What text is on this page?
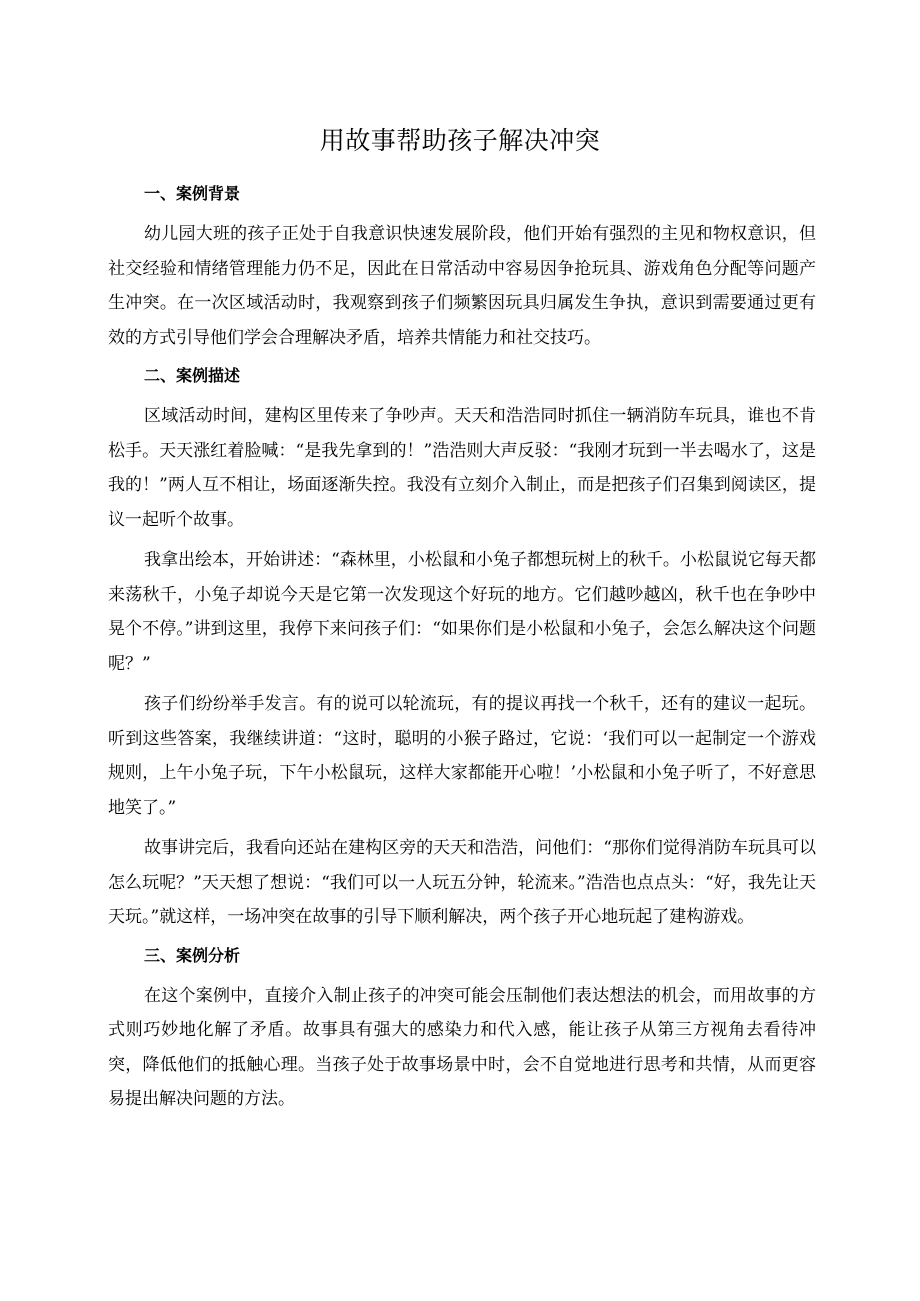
用故事帮助孩子解决冲突
一、案例背景

幼儿园大班的孩子正处于自我意识快速发展阶段，他们开始有强烈的主见和物权意识，但社交经验和情绪管理能力仍不足，因此在日常活动中容易因争抢玩具、游戏角色分配等问题产生冲突。在一次区域活动时，我观察到孩子们频繁因玩具归属发生争执，意识到需要通过更有效的方式引导他们学会合理解决矛盾，培养共情能力和社交技巧。

二、案例描述

区域活动时间，建构区里传来了争吵声。天天和浩浩同时抓住一辆消防车玩具，谁也不肯松手。天天涨红着脸喊：“是我先拿到的！”浩浩则大声反驳：“我刚才玩到一半去喝水了，这是我的！”两人互不相让，场面逐渐失控。我没有立刻介入制止，而是把孩子们召集到阅读区，提议一起听个故事。

我拿出绘本，开始讲述：“森林里，小松鼠和小兔子都想玩树上的秋千。小松鼠说它每天都来荡秋千，小兔子却说今天是它第一次发现这个好玩的地方。它们越吵越凶，秋千也在争吵中晃个不停。”讲到这里，我停下来问孩子们：“如果你们是小松鼠和小兔子，会怎么解决这个问题呢？”

孩子们纷纷举手发言。有的说可以轮流玩，有的提议再找一个秋千，还有的建议一起玩。听到这些答案，我继续讲道：“这时，聪明的小猴子路过，它说：‘我们可以一起制定一个游戏规则，上午小兔子玩，下午小松鼠玩，这样大家都能开心啦！’小松鼠和小兔子听了，不好意思地笑了。”

故事讲完后，我看向还站在建构区旁的天天和浩浩，问他们：“那你们觉得消防车玩具可以怎么玩呢？”天天想了想说：“我们可以一人玩五分钟，轮流来。”浩浩也点点头：“好，我先让天天玩。”就这样，一场冲突在故事的引导下顺利解决，两个孩子开心地玩起了建构游戏。

三、案例分析

在这个案例中，直接介入制止孩子的冲突可能会压制他们表达想法的机会，而用故事的方式则巧妙地化解了矛盾。故事具有强大的感染力和代入感，能让孩子从第三方视角去看待冲突，降低他们的抵触心理。当孩子处于故事场景中时，会不自觉地进行思考和共情，从而更容易提出解决问题的方法。
